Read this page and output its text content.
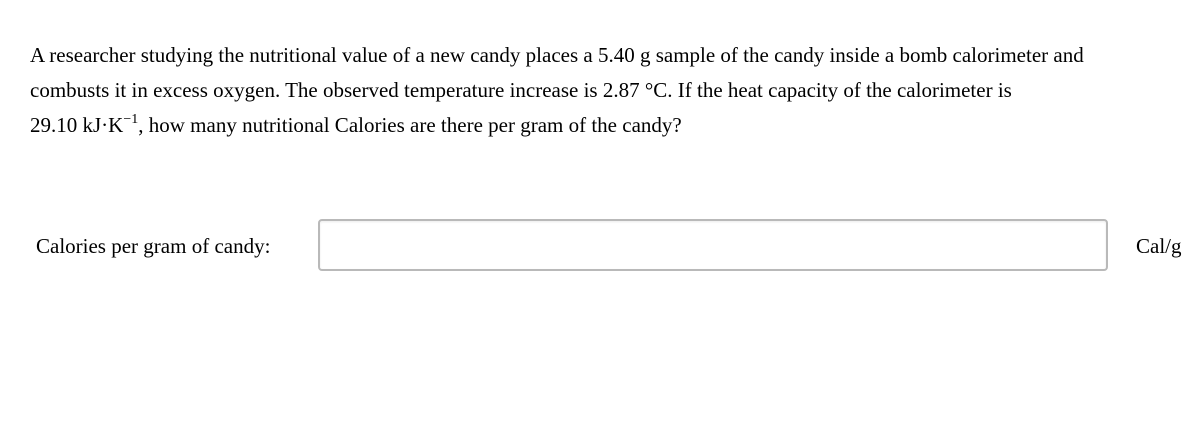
A researcher studying the nutritional value of a new candy places a 5.40 g sample of the candy inside a bomb calorimeter and
combusts it in excess oxygen. The observed temperature increase is 2.87 °C. If the heat capacity of the calorimeter is
29.10 $kJ\cdot K^{-1}$, how many nutritional Calories are there per gram of the candy?

Calories per gram of candy:	Cal/g
